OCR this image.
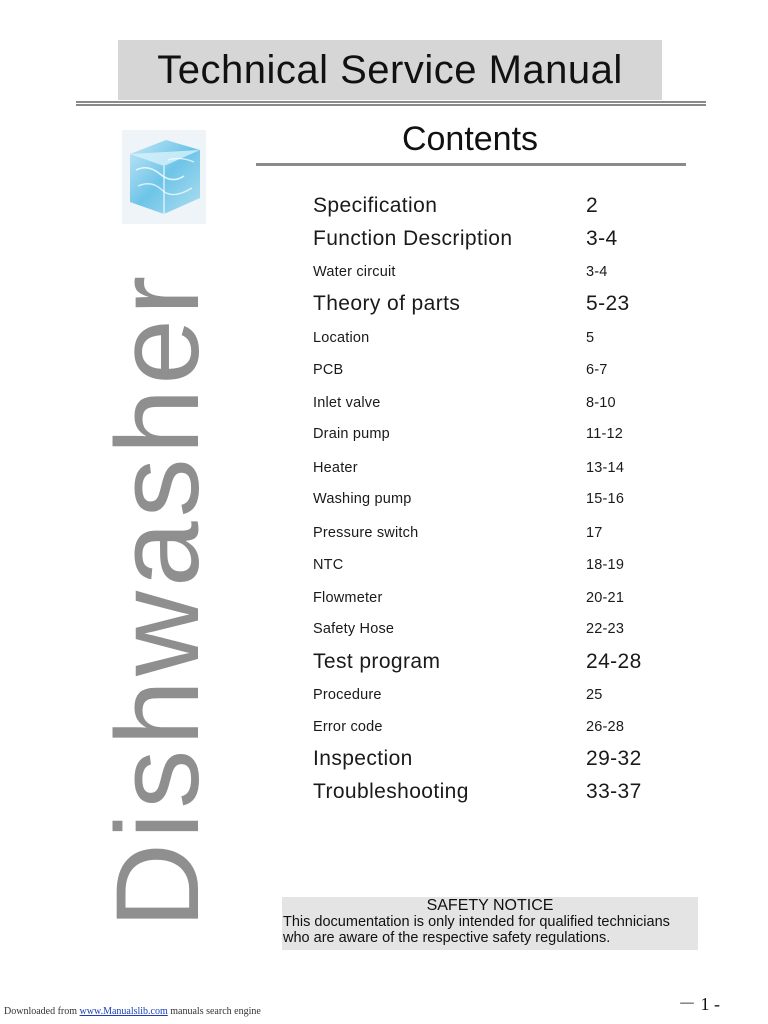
Technical Service Manual
Dishwasher
Contents
Specification	2
Function Description	3-4
Water circuit	3-4
Theory of parts	5-23
Location	5
PCB	6-7
Inlet valve	8-10
Drain pump	11-12
Heater	13-14
Washing pump	15-16
Pressure switch	17
NTC	18-19
Flowmeter	20-21
Safety Hose	22-23
Test program	24-28
Procedure	25
Error code	26-28
Inspection	29-32
Troubleshooting	33-37
SAFETY NOTICE
This documentation is only intended for qualified technicians
who are aware of the respective safety regulations.
－ 1 -
Downloaded from www.Manualslib.com manuals search engine
